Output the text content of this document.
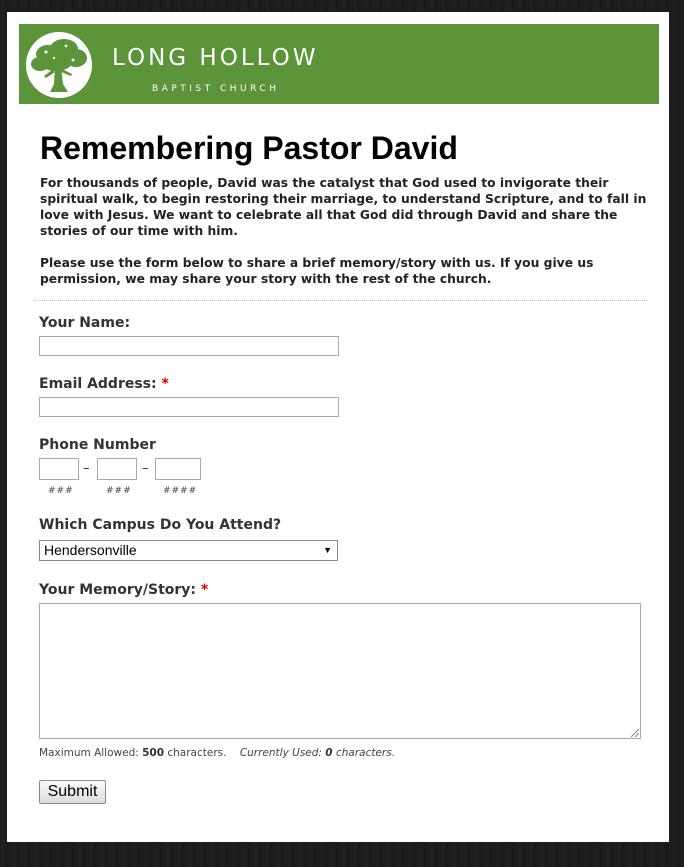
LONG HOLLOW
BAPTIST CHURCH
Remembering Pastor David

For thousands of people, David was the catalyst that God used to invigorate their spiritual walk, to begin restoring their marriage, to understand Scripture, and to fall in love with Jesus. We want to celebrate all that God did through David and share the stories of our time with him.

Please use the form below to share a brief memory/story with us. If you give us permission, we may share your story with the rest of the church.

Your Name:
Email Address: *
Phone Number
–	–
###	###	####
Which Campus Do You Attend?
Hendersonville	▼
Your Memory/Story: *
Maximum Allowed: 500 characters. Currently Used: 0 characters.
Submit
